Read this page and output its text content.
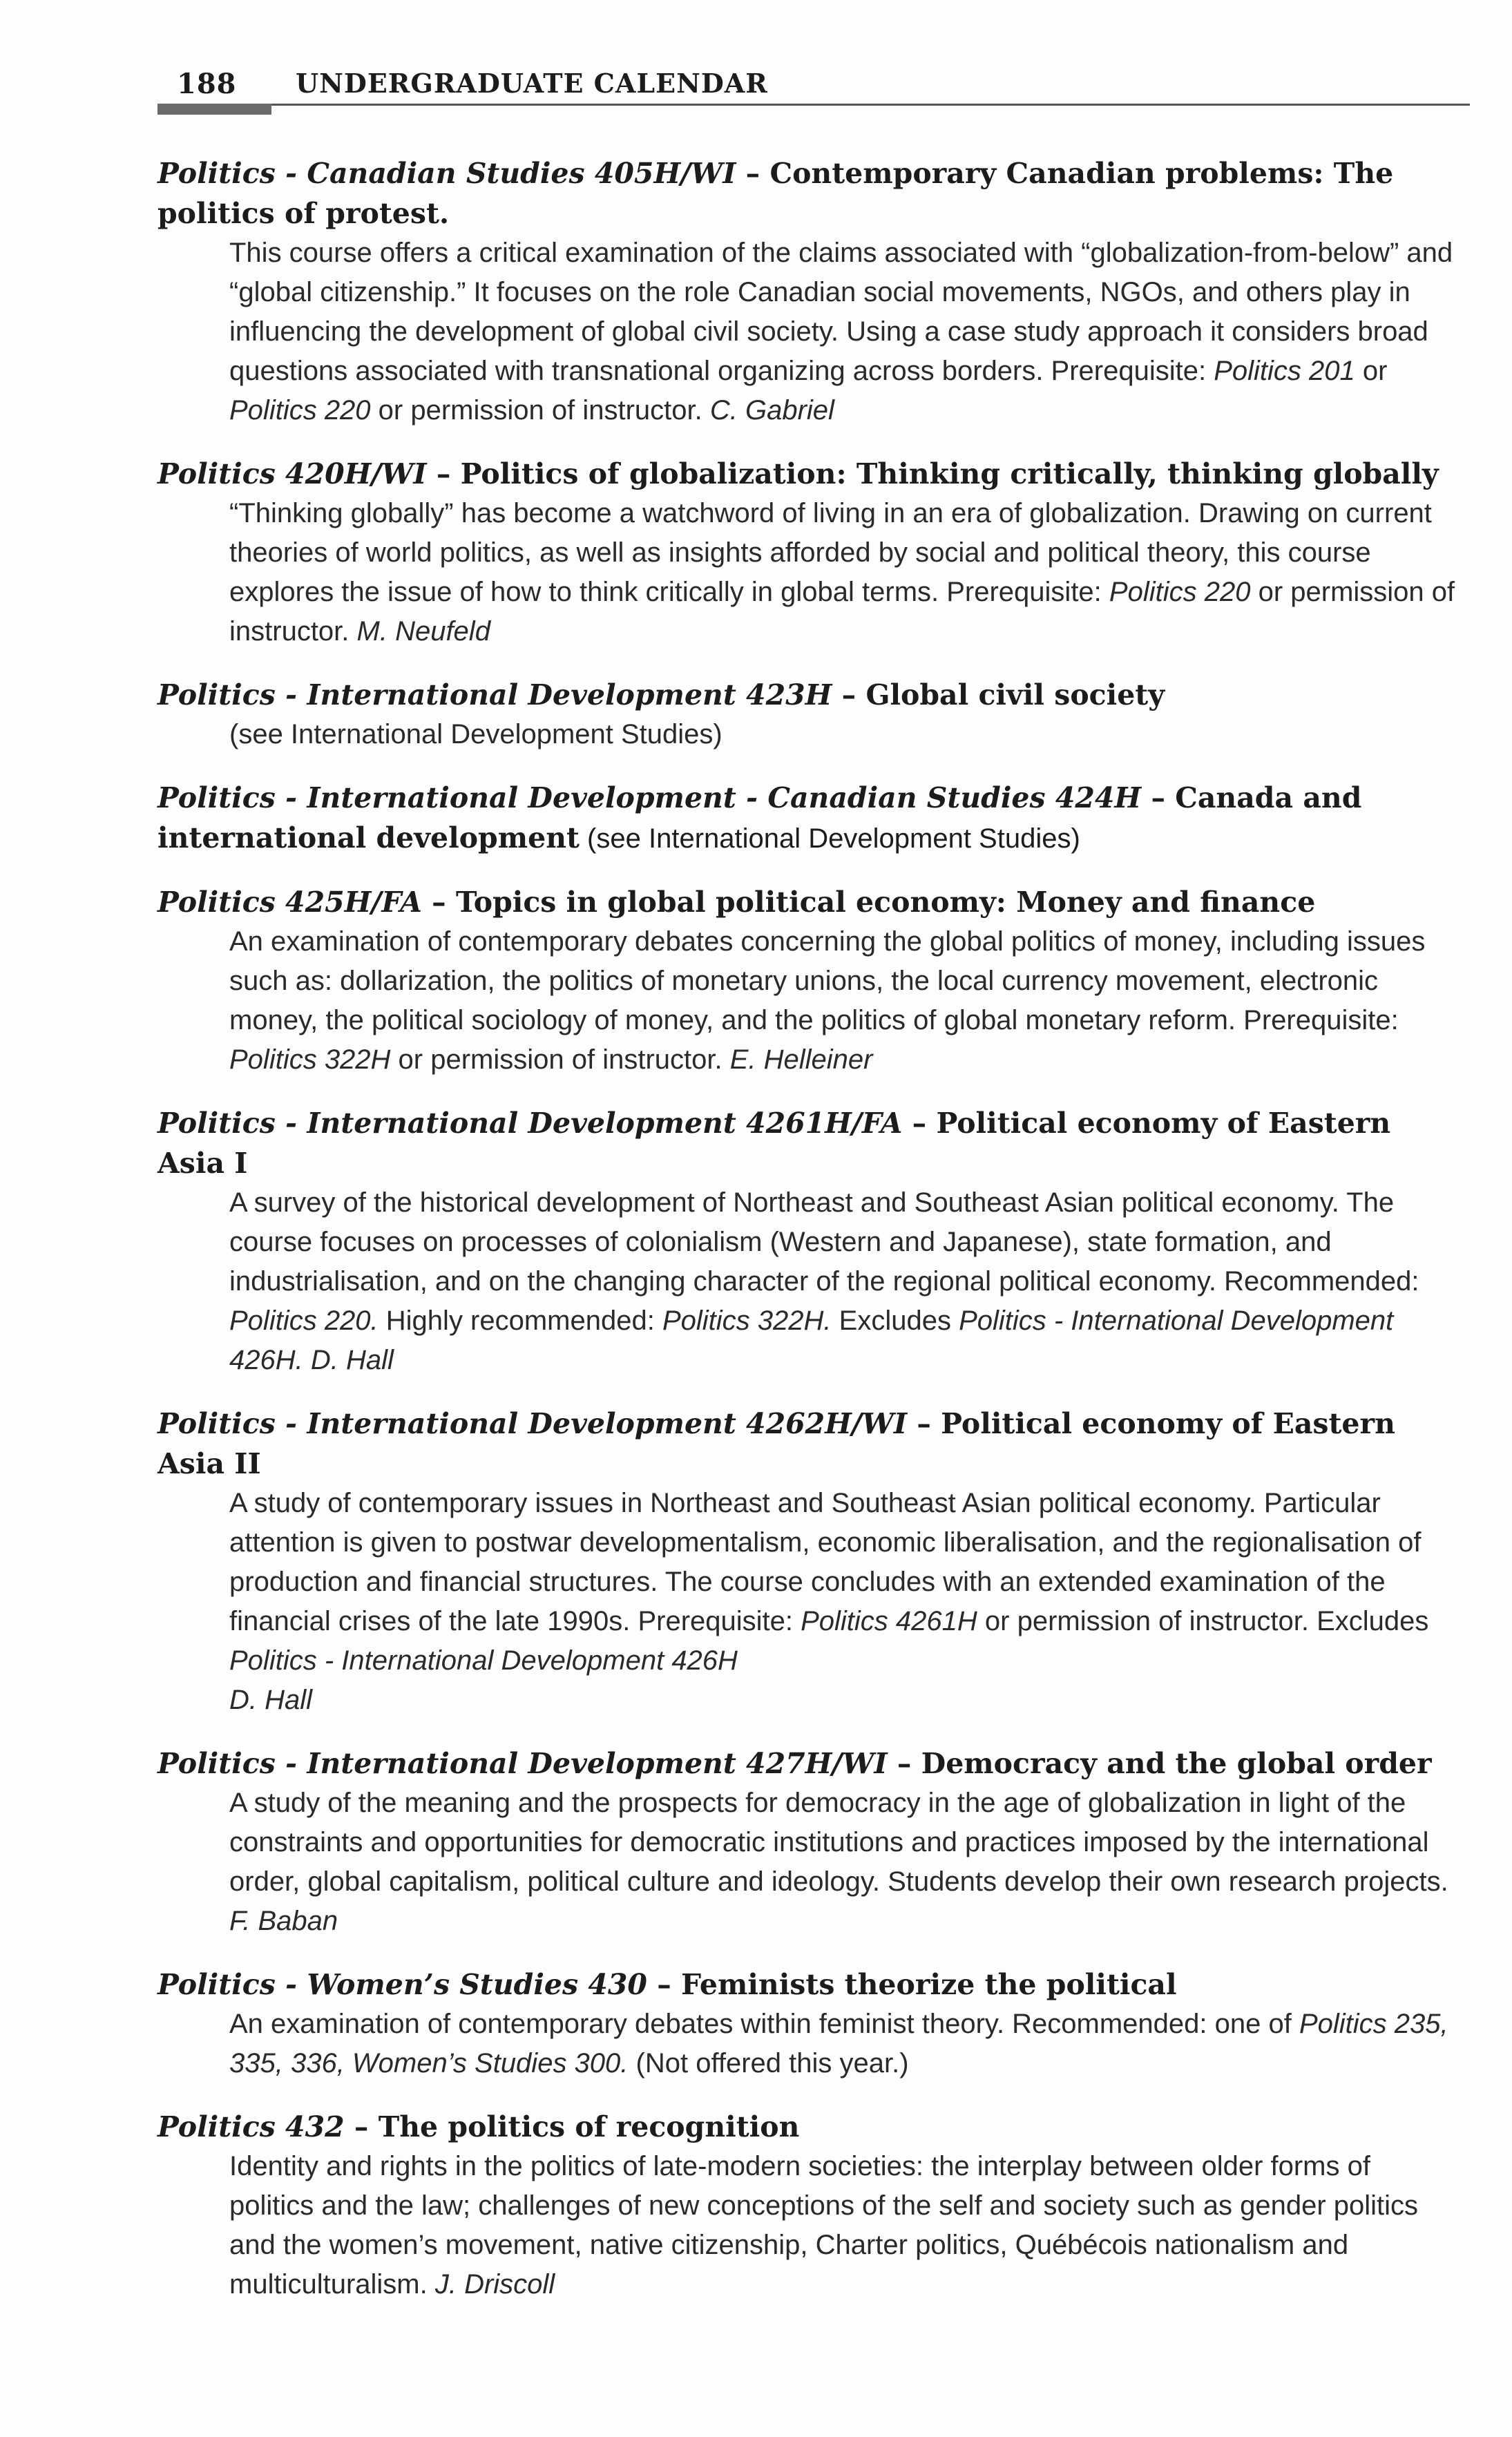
188 UNDERGRADUATE CALENDAR

Politics - Canadian Studies 405H/WI – Contemporary Canadian problems: The politics of protest.

This course offers a critical examination of the claims associated with “globalization-from-below” and “global citizenship.” It focuses on the role Canadian social movements, NGOs, and others play in influencing the development of global civil society. Using a case study approach it considers broad questions associated with transnational organizing across borders. Prerequisite: Politics 201 or Politics 220 or permission of instructor. C. Gabriel

Politics 420H/WI – Politics of globalization: Thinking critically, thinking globally

“Thinking globally” has become a watchword of living in an era of globalization. Drawing on current theories of world politics, as well as insights afforded by social and political theory, this course explores the issue of how to think critically in global terms. Prerequisite: Politics 220 or permission of instructor. M. Neufeld

Politics - International Development 423H – Global civil society

(see International Development Studies)

Politics - International Development - Canadian Studies 424H – Canada and international development (see International Development Studies)

Politics 425H/FA – Topics in global political economy: Money and finance

An examination of contemporary debates concerning the global politics of money, including issues such as: dollarization, the politics of monetary unions, the local currency movement, electronic money, the political sociology of money, and the politics of global monetary reform. Prerequisite: Politics 322H or permission of instructor. E. Helleiner

Politics - International Development 4261H/FA – Political economy of Eastern Asia I

A survey of the historical development of Northeast and Southeast Asian political economy. The course focuses on processes of colonialism (Western and Japanese), state formation, and industrialisation, and on the changing character of the regional political economy. Recommended: Politics 220. Highly recommended: Politics 322H. Excludes Politics - International Development 426H. D. Hall

Politics - International Development 4262H/WI – Political economy of Eastern Asia II

A study of contemporary issues in Northeast and Southeast Asian political economy. Particular attention is given to postwar developmentalism, economic liberalisation, and the regionalisation of production and financial structures. The course concludes with an extended examination of the financial crises of the late 1990s. Prerequisite: Politics 4261H or permission of instructor. Excludes Politics - International Development 426H
D. Hall

Politics - International Development 427H/WI – Democracy and the global order

A study of the meaning and the prospects for democracy in the age of globalization in light of the constraints and opportunities for democratic institutions and practices imposed by the international order, global capitalism, political culture and ideology. Students develop their own research projects. F. Baban

Politics - Women’s Studies 430 – Feminists theorize the political

An examination of contemporary debates within feminist theory. Recommended: one of Politics 235, 335, 336, Women’s Studies 300. (Not offered this year.)

Politics 432 – The politics of recognition

Identity and rights in the politics of late-modern societies: the interplay between older forms of politics and the law; challenges of new conceptions of the self and society such as gender politics and the women’s movement, native citizenship, Charter politics, Québécois nationalism and multiculturalism. J. Driscoll
